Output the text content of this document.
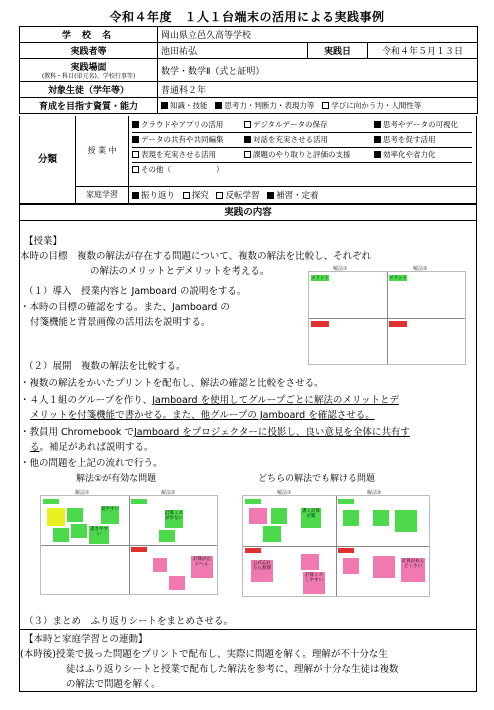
令和４年度　１人１台端末の活用による実践事例
学 校 名	岡山県立邑久高等学校		
実践者等	池田祐弘	実践日	令和４年５月１３日
実践場面
(教科・科目(単元名)、学校行事等)	数学・数学Ⅱ（式と証明）		
対象生徒（学年等）	普通科２年		
育成を目指す資質・能力	知識・技能 思考力・判断力・表現力等 学びに向かう力・人間性等		
分類
授 業 中
家庭学習
クラウドやアプリの活用	デジタルデータの保存	思考やデータの可視化
データの共有や共同編集	対話を充実させる活用	思考を促す活用
表現を充実させる活用	課題のやり取りと評価の支援	効率化や省力化
その他（　　　　　　）
振り返り 探究 反転学習 補習・定着
実践の内容
【授業】
本時の目標　複数の解法が存在する問題について、複数の解法を比較し、それぞれ
の解法のメリットとデメリットを考える。
（１）導入　授業内容と Jamboard の説明をする。
・本時の目標の確認をする。また、Jamboard の
付箋機能と背景画像の活用法を説明する。
解法①	解法②
メリット	メリット
（２）展開　複数の解法を比較する。
・複数の解法をかいたプリントを配布し、解法の確認と比較をさせる。
・４人１組のグループを作り、Jamboard を使用してグループごとに解法のメリットとデ
メリットを付箋機能で書かせる。また、他グループの Jamboard を確認させる。
・教員用 Chromebook でJamboard をプロジェクターに投影し、良い意見を全体に共有す
る。補足があれば説明する。
・他の問題を上記の流れで行う。
解法①が有効な問題	どちらの解法でも解ける問題
解法①	解法②
見やすい
書きやすい
計算ミスが少ない
計算がたいへん
解法①	解法②
書く計算が楽
公式忘れたら無理
計算ミスしやすい
計算がめんどくさい
（３）まとめ　ふり返りシートをまとめさせる。
【本時と家庭学習との連動】
(本時後)授業で扱った問題をプリントで配布し、実際に問題を解く。理解が不十分な生
徒はふり返りシートと授業で配布した解法を参考に、理解が十分な生徒は複数
の解法で問題を解く。
